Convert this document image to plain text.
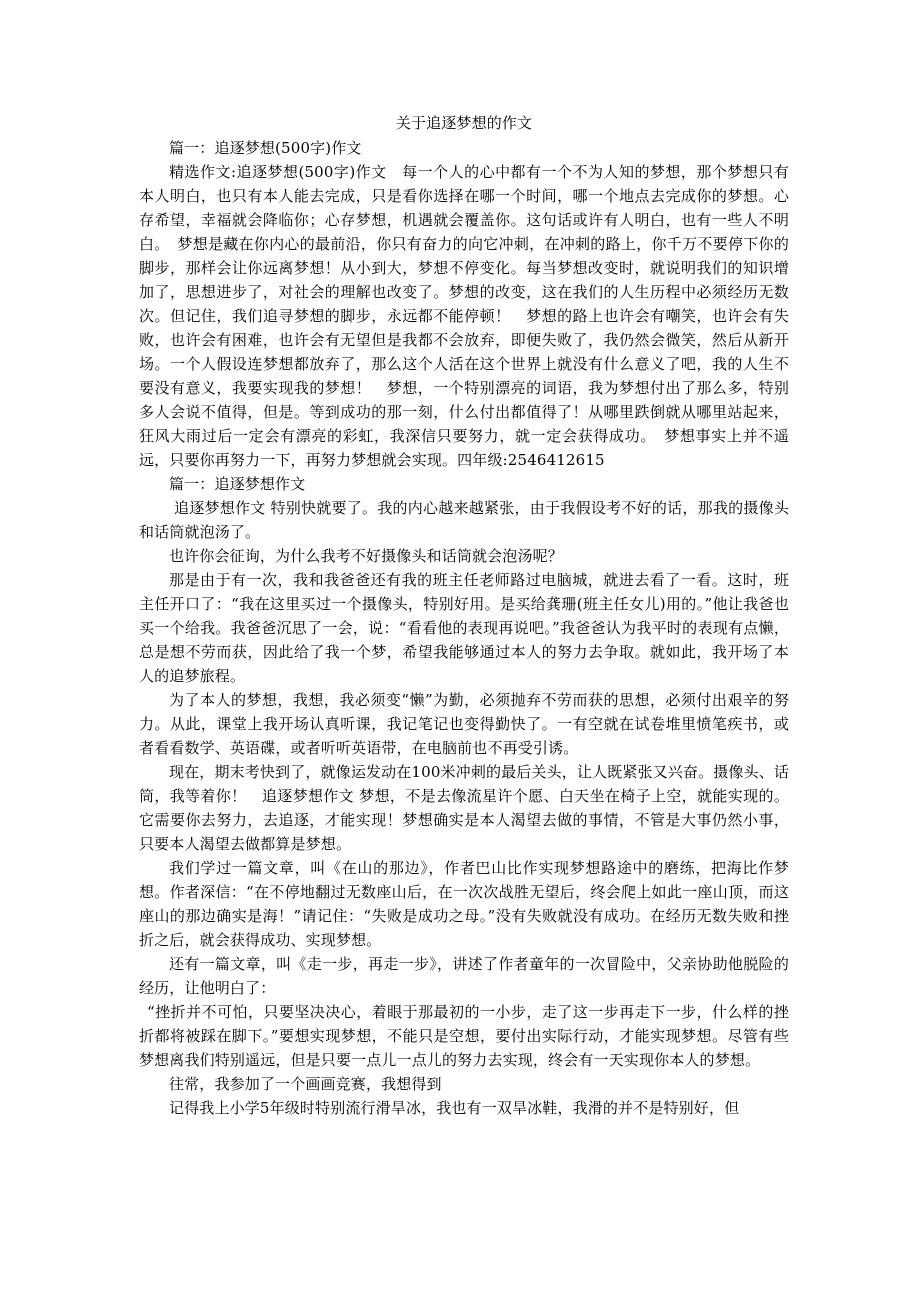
关于追逐梦想的作文

篇一：追逐梦想(500字)作文

精选作文:追逐梦想(500字)作文　每一个人的心中都有一个不为人知的梦想，那个梦想只有本人明白，也只有本人能去完成，只是看你选择在哪一个时间，哪一个地点去完成你的梦想。心存希望，幸福就会降临你；心存梦想，机遇就会覆盖你。这句话或许有人明白，也有一些人不明白。　梦想是藏在你内心的最前沿，你只有奋力的向它冲刺，在冲刺的路上，你千万不要停下你的脚步，那样会让你远离梦想！从小到大，梦想不停变化。每当梦想改变时，就说明我们的知识增加了，思想进步了，对社会的理解也改变了。梦想的改变，这在我们的人生历程中必须经历无数次。但记住，我们追寻梦想的脚步，永远都不能停顿！　梦想的路上也许会有嘲笑，也许会有失败，也许会有困难，也许会有无望但是我都不会放弃，即便失败了，我仍然会微笑，然后从新开场。一个人假设连梦想都放弃了，那么这个人活在这个世界上就没有什么意义了吧，我的人生不要没有意义，我要实现我的梦想！　梦想，一个特别漂亮的词语，我为梦想付出了那么多，特别多人会说不值得，但是。等到成功的那一刻，什么付出都值得了！从哪里跌倒就从哪里站起来，狂风大雨过后一定会有漂亮的彩虹，我深信只要努力，就一定会获得成功。　梦想事实上并不遥远，只要你再努力一下，再努力梦想就会实现。四年级:2546412615

篇一：追逐梦想作文

追逐梦想作文 特别快就要了。我的内心越来越紧张，由于我假设考不好的话，那我的摄像头和话筒就泡汤了。

也许你会征询，为什么我考不好摄像头和话筒就会泡汤呢？

那是由于有一次，我和我爸爸还有我的班主任老师路过电脑城，就进去看了一看。这时，班主任开口了：“我在这里买过一个摄像头，特别好用。是买给龚珊(班主任女儿)用的。”他让我爸也买一个给我。我爸爸沉思了一会，说：“看看他的表现再说吧。”我爸爸认为我平时的表现有点懒，总是想不劳而获，因此给了我一个梦，希望我能够通过本人的努力去争取。就如此，我开场了本人的追梦旅程。

为了本人的梦想，我想，我必须变“懒”为勤，必须抛弃不劳而获的思想，必须付出艰辛的努力。从此，课堂上我开场认真听课，我记笔记也变得勤快了。一有空就在试卷堆里愤笔疾书，或者看看数学、英语碟，或者听听英语带，在电脑前也不再受引诱。

现在，期末考快到了，就像运发动在100米冲刺的最后关头，让人既紧张又兴奋。摄像头、话筒，我等着你！　追逐梦想作文 梦想，不是去像流星许个愿、白天坐在椅子上空，就能实现的。它需要你去努力，去追逐，才能实现！梦想确实是本人渴望去做的事情，不管是大事仍然小事，只要本人渴望去做都算是梦想。

我们学过一篇文章，叫《在山的那边》，作者巴山比作实现梦想路途中的磨练，把海比作梦想。作者深信：“在不停地翻过无数座山后，在一次次战胜无望后，终会爬上如此一座山顶，而这座山的那边确实是海！”请记住：“失败是成功之母。”没有失败就没有成功。在经历无数失败和挫折之后，就会获得成功、实现梦想。

还有一篇文章，叫《走一步，再走一步》，讲述了作者童年的一次冒险中，父亲协助他脱险的经历，让他明白了：

“挫折并不可怕，只要坚决决心，着眼于那最初的一小步，走了这一步再走下一步，什么样的挫折都将被踩在脚下。”要想实现梦想，不能只是空想，要付出实际行动，才能实现梦想。尽管有些梦想离我们特别遥远，但是只要一点儿一点儿的努力去实现，终会有一天实现你本人的梦想。

往常，我参加了一个画画竞赛，我想得到

记得我上小学5年级时特别流行滑旱冰，我也有一双旱冰鞋，我滑的并不是特别好，但
